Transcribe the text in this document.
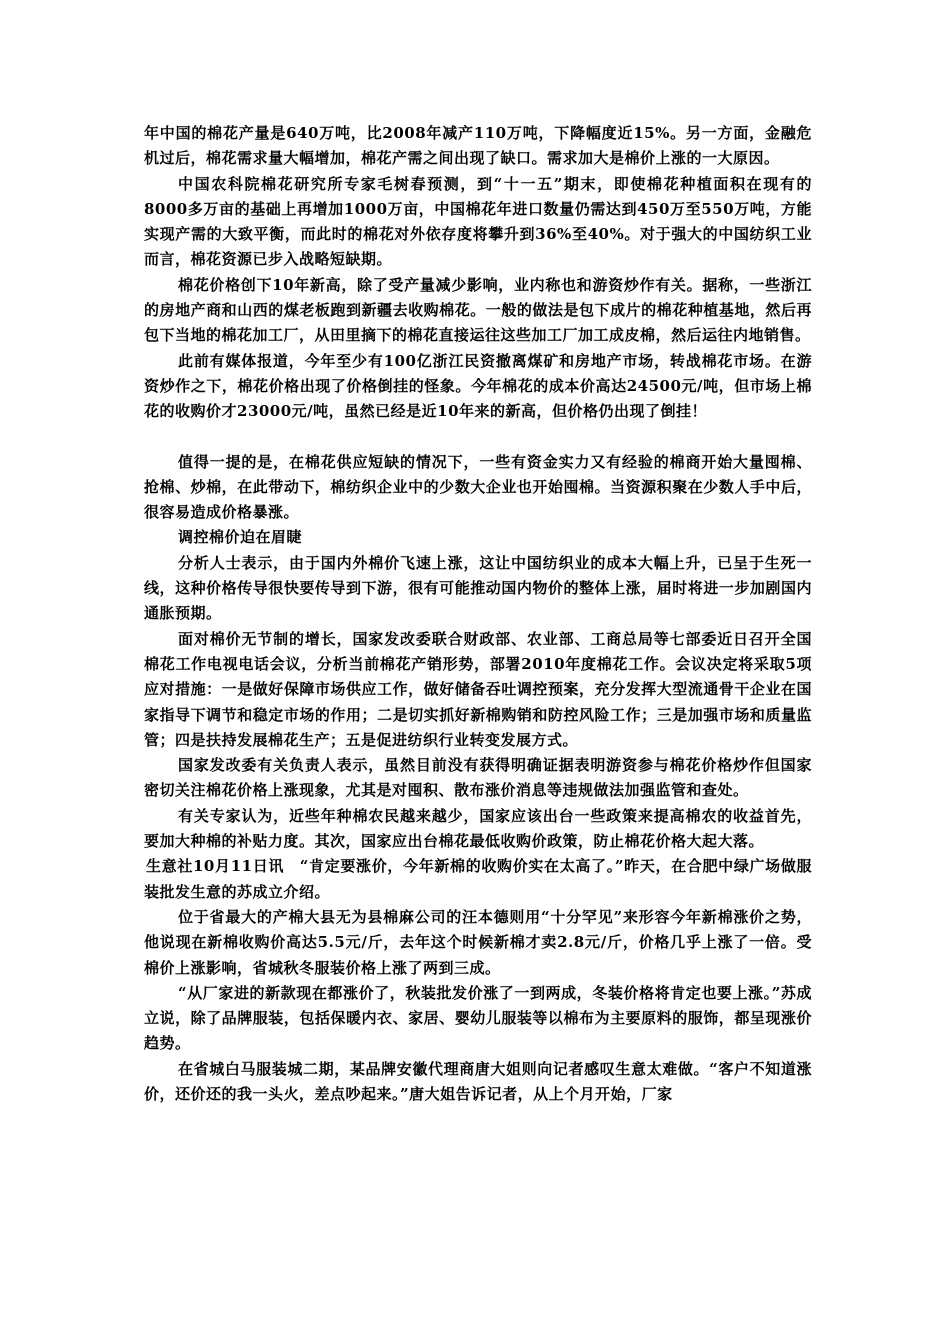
年中国的棉花产量是640万吨，比2008年减产110万吨，下降幅度近15%。另一方面，金融危机过后，棉花需求量大幅增加，棉花产需之间出现了缺口。需求加大是棉价上涨的一大原因。

中国农科院棉花研究所专家毛树春预测，到“十一五”期末，即使棉花种植面积在现有的8000多万亩的基础上再增加1000万亩，中国棉花年进口数量仍需达到450万至550万吨，方能实现产需的大致平衡，而此时的棉花对外依存度将攀升到36%至40%。对于强大的中国纺织工业而言，棉花资源已步入战略短缺期。

棉花价格创下10年新高，除了受产量减少影响，业内称也和游资炒作有关。据称，一些浙江的房地产商和山西的煤老板跑到新疆去收购棉花。一般的做法是包下成片的棉花种植基地，然后再包下当地的棉花加工厂，从田里摘下的棉花直接运往这些加工厂加工成皮棉，然后运往内地销售。

此前有媒体报道，今年至少有100亿浙江民资撤离煤矿和房地产市场，转战棉花市场。在游资炒作之下，棉花价格出现了价格倒挂的怪象。今年棉花的成本价高达24500元/吨，但市场上棉花的收购价才23000元/吨，虽然已经是近10年来的新高，但价格仍出现了倒挂！

值得一提的是，在棉花供应短缺的情况下，一些有资金实力又有经验的棉商开始大量囤棉、抢棉、炒棉，在此带动下，棉纺织企业中的少数大企业也开始囤棉。当资源积聚在少数人手中后，很容易造成价格暴涨。

调控棉价迫在眉睫

分析人士表示，由于国内外棉价飞速上涨，这让中国纺织业的成本大幅上升，已呈于生死一线，这种价格传导很快要传导到下游，很有可能推动国内物价的整体上涨，届时将进一步加剧国内通胀预期。

面对棉价无节制的增长，国家发改委联合财政部、农业部、工商总局等七部委近日召开全国棉花工作电视电话会议，分析当前棉花产销形势，部署2010年度棉花工作。会议决定将采取5项应对措施：一是做好保障市场供应工作，做好储备吞吐调控预案，充分发挥大型流通骨干企业在国家指导下调节和稳定市场的作用；二是切实抓好新棉购销和防控风险工作；三是加强市场和质量监管；四是扶持发展棉花生产；五是促进纺织行业转变发展方式。

国家发改委有关负责人表示，虽然目前没有获得明确证据表明游资参与棉花价格炒作但国家密切关注棉花价格上涨现象，尤其是对囤积、散布涨价消息等违规做法加强监管和查处。

有关专家认为，近些年种棉农民越来越少，国家应该出台一些政策来提高棉农的收益首先，要加大种棉的补贴力度。其次，国家应出台棉花最低收购价政策，防止棉花价格大起大落。

生意社10月11日讯　“肯定要涨价，今年新棉的收购价实在太高了。”昨天，在合肥中绿广场做服装批发生意的苏成立介绍。

位于省最大的产棉大县无为县棉麻公司的汪本德则用“十分罕见”来形容今年新棉涨价之势，他说现在新棉收购价高达5.5元/斤，去年这个时候新棉才卖2.8元/斤，价格几乎上涨了一倍。受棉价上涨影响，省城秋冬服装价格上涨了两到三成。

“从厂家进的新款现在都涨价了，秋装批发价涨了一到两成，冬装价格将肯定也要上涨。”苏成立说，除了品牌服装，包括保暖内衣、家居、婴幼儿服装等以棉布为主要原料的服饰，都呈现涨价趋势。

在省城白马服装城二期，某品牌安徽代理商唐大姐则向记者感叹生意太难做。“客户不知道涨价，还价还的我一头火，差点吵起来。”唐大姐告诉记者，从上个月开始，厂家
